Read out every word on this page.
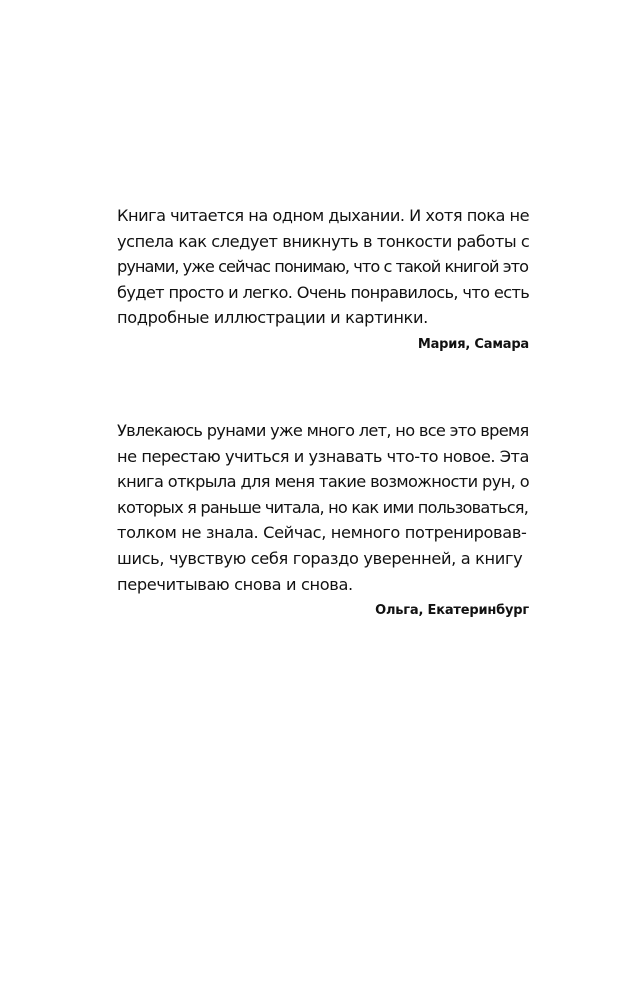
Книга читается на одном дыхании. И хотя пока не
успела как следует вникнуть в тонкости работы с
рунами, уже сейчас понимаю, что с такой книгой это
будет просто и легко. Очень понравилось, что есть
подробные иллюстрации и картинки.
Мария, Самара
Увлекаюсь рунами уже много лет, но все это время
не перестаю учиться и узнавать что-то новое. Эта
книга открыла для меня такие возможности рун, о
которых я раньше читала, но как ими пользоваться,
толком не знала. Сейчас, немного потренировав-
шись, чувствую себя гораздо уверенней, а книгу
перечитываю снова и снова.
Ольга, Екатеринбург
